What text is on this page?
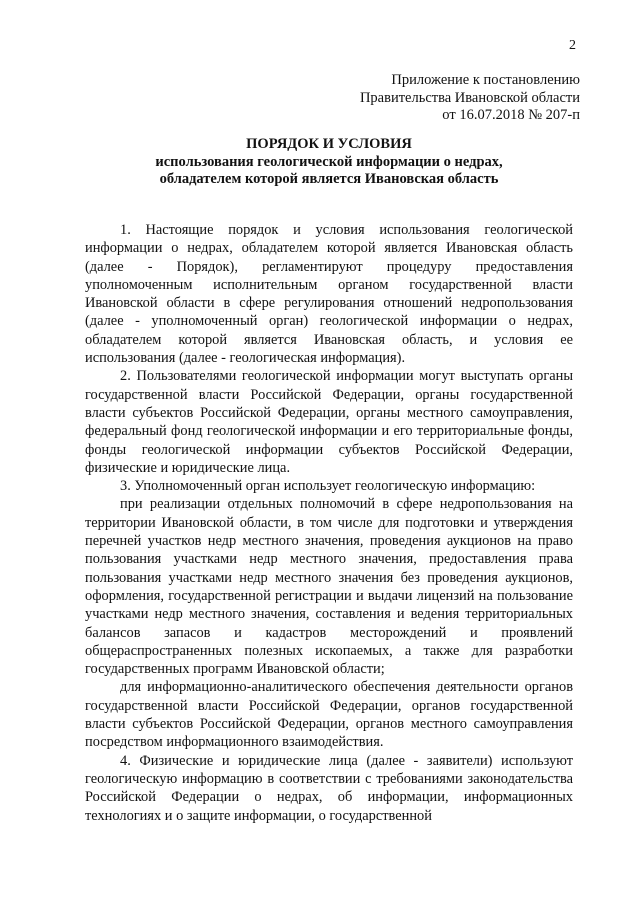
2
Приложение к постановлению
Правительства Ивановской области
от 16.07.2018 № 207-п
ПОРЯДОК И УСЛОВИЯ
использования геологической информации о недрах,
обладателем которой является Ивановская область

1. Настоящие порядок и условия использования геологической информации о недрах, обладателем которой является Ивановская область (далее - Порядок), регламентируют процедуру предоставления уполномоченным исполнительным органом государственной власти Ивановской области в сфере регулирования отношений недропользования (далее - уполномоченный орган) геологической информации о недрах, обладателем которой является Ивановская область, и условия ее использования (далее - геологическая информация).

2. Пользователями геологической информации могут выступать органы государственной власти Российской Федерации, органы государственной власти субъектов Российской Федерации, органы местного самоуправления, федеральный фонд геологической информации и его территориальные фонды, фонды геологической информации субъектов Российской Федерации, физические и юридические лица.

3. Уполномоченный орган использует геологическую информацию:

при реализации отдельных полномочий в сфере недропользования на территории Ивановской области, в том числе для подготовки и утверждения перечней участков недр местного значения, проведения аукционов на право пользования участками недр местного значения, предоставления права пользования участками недр местного значения без проведения аукционов, оформления, государственной регистрации и выдачи лицензий на пользование участками недр местного значения, составления и ведения территориальных балансов запасов и кадастров месторождений и проявлений общераспространенных полезных ископаемых, а также для разработки государственных программ Ивановской области;

для информационно-аналитического обеспечения деятельности органов государственной власти Российской Федерации, органов государственной власти субъектов Российской Федерации, органов местного самоуправления посредством информационного взаимодействия.

4. Физические и юридические лица (далее - заявители) используют геологическую информацию в соответствии с требованиями законодательства Российской Федерации о недрах, об информации, информационных технологиях и о защите информации, о государственной
